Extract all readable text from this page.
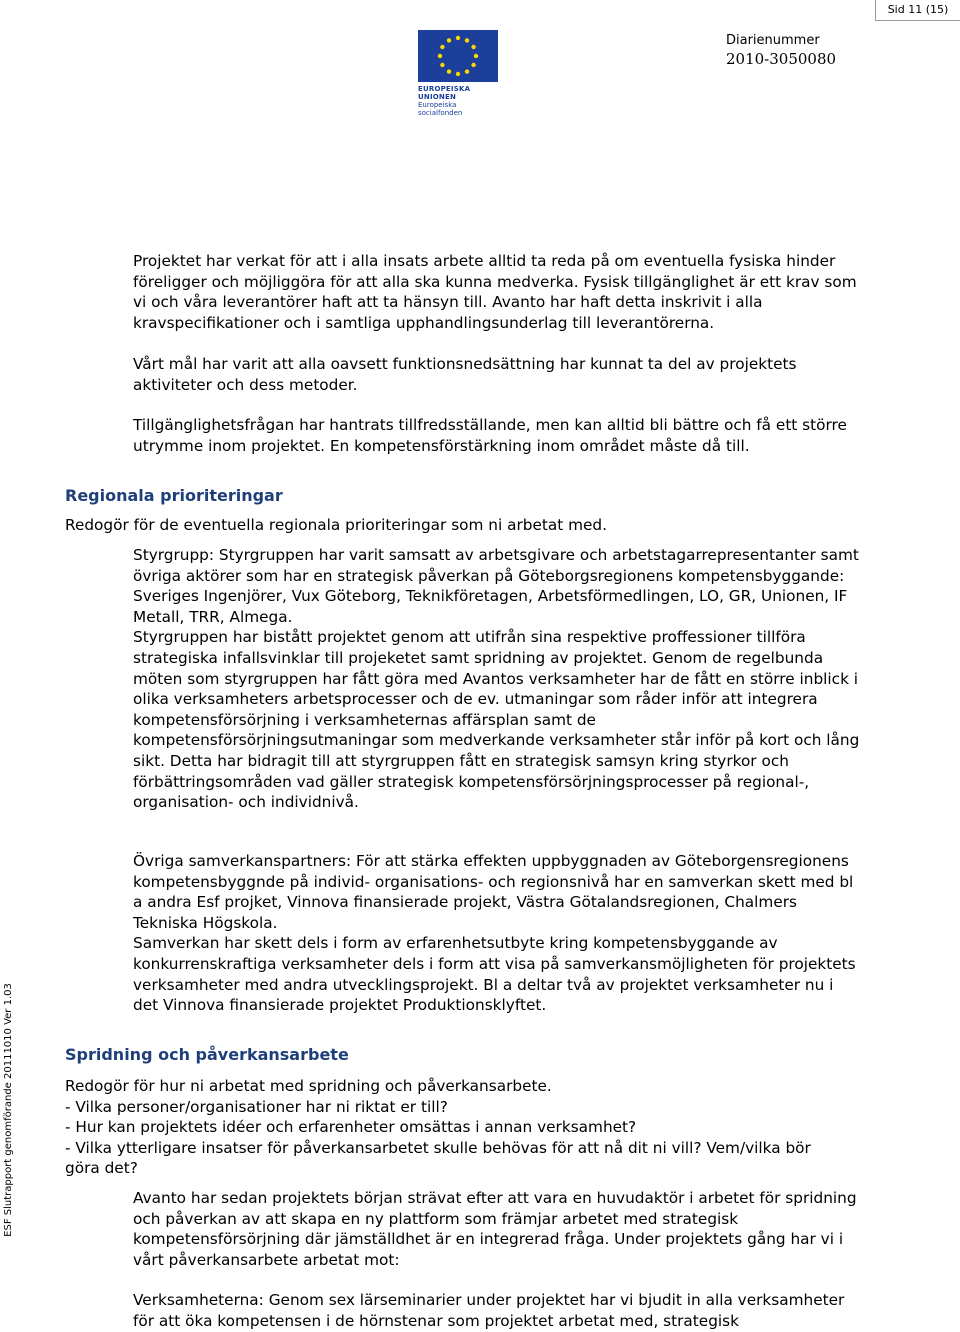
Sid 11 (15)
EUROPEISKA UNIONEN
Europeiska socialfonden
Diarienummer
2010-3050080
ESF Slutrapport genomförande 20111010 Ver 1.03
Projektet har verkat för att i alla insats arbete alltid ta reda på om eventuella fysiska hinder
föreligger och möjliggöra för att alla ska kunna medverka. Fysisk tillgänglighet är ett krav som
vi och våra leverantörer haft att ta hänsyn till. Avanto har haft detta inskrivit i alla
kravspecifikationer och i samtliga upphandlingsunderlag till leverantörerna.
Vårt mål har varit att alla oavsett funktionsnedsättning har kunnat ta del av projektets
aktiviteter och dess metoder.
Tillgänglighetsfrågan har hantrats tillfredsställande, men kan alltid bli bättre och få ett större
utrymme inom projektet. En kompetensförstärkning inom området måste då till.
Regionala prioriteringar
Redogör för de eventuella regionala prioriteringar som ni arbetat med.
Styrgrupp: Styrgruppen har varit samsatt av arbetsgivare och arbetstagarrepresentanter samt
övriga aktörer som har en strategisk påverkan på Göteborgsregionens kompetensbyggande:
Sveriges Ingenjörer, Vux Göteborg, Teknikföretagen, Arbetsförmedlingen, LO, GR, Unionen, IF
Metall, TRR, Almega.
Styrgruppen har bistått projektet genom att utifrån sina respektive proffessioner tillföra
strategiska infallsvinklar till projeketet samt spridning av projektet. Genom de regelbunda
möten som styrgruppen har fått göra med Avantos verksamheter har de fått en större inblick i
olika verksamheters arbetsprocesser och de ev. utmaningar som råder inför att integrera
kompetensförsörjning i verksamheternas affärsplan samt de
kompetensförsörjningsutmaningar som medverkande verksamheter står inför på kort och lång
sikt. Detta har bidragit till att styrgruppen fått en strategisk samsyn kring styrkor och
förbättringsområden vad gäller strategisk kompetensförsörjningsprocesser på regional-,
organisation- och individnivå.
Övriga samverkanspartners: För att stärka effekten uppbyggnaden av Göteborgensregionens
kompetensbyggnde på individ- organisations- och regionsnivå har en samverkan skett med bl
a andra Esf projket, Vinnova finansierade projekt, Västra Götalandsregionen, Chalmers
Tekniska Högskola.
Samverkan har skett dels i form av erfarenhetsutbyte kring kompetensbyggande av
konkurrenskraftiga verksamheter dels i form att visa på samverkansmöjligheten för projektets
verksamheter med andra utvecklingsprojekt. Bl a deltar två av projektet verksamheter nu i
det Vinnova finansierade projektet Produktionsklyftet.
Spridning och påverkansarbete
Redogör för hur ni arbetat med spridning och påverkansarbete.
- Vilka personer/organisationer har ni riktat er till?
- Hur kan projektets idéer och erfarenheter omsättas i annan verksamhet?
- Vilka ytterligare insatser för påverkansarbetet skulle behövas för att nå dit ni vill? Vem/vilka bör
göra det?
Avanto har sedan projektets början strävat efter att vara en huvudaktör i arbetet för spridning
och påverkan av att skapa en ny plattform som främjar arbetet med strategisk
kompetensförsörjning där jämställdhet är en integrerad fråga. Under projektets gång har vi i
vårt påverkansarbete arbetat mot:
Verksamheterna: Genom sex lärseminarier under projektet har vi bjudit in alla verksamheter
för att öka kompetensen i de hörnstenar som projektet arbetat med, strategisk
